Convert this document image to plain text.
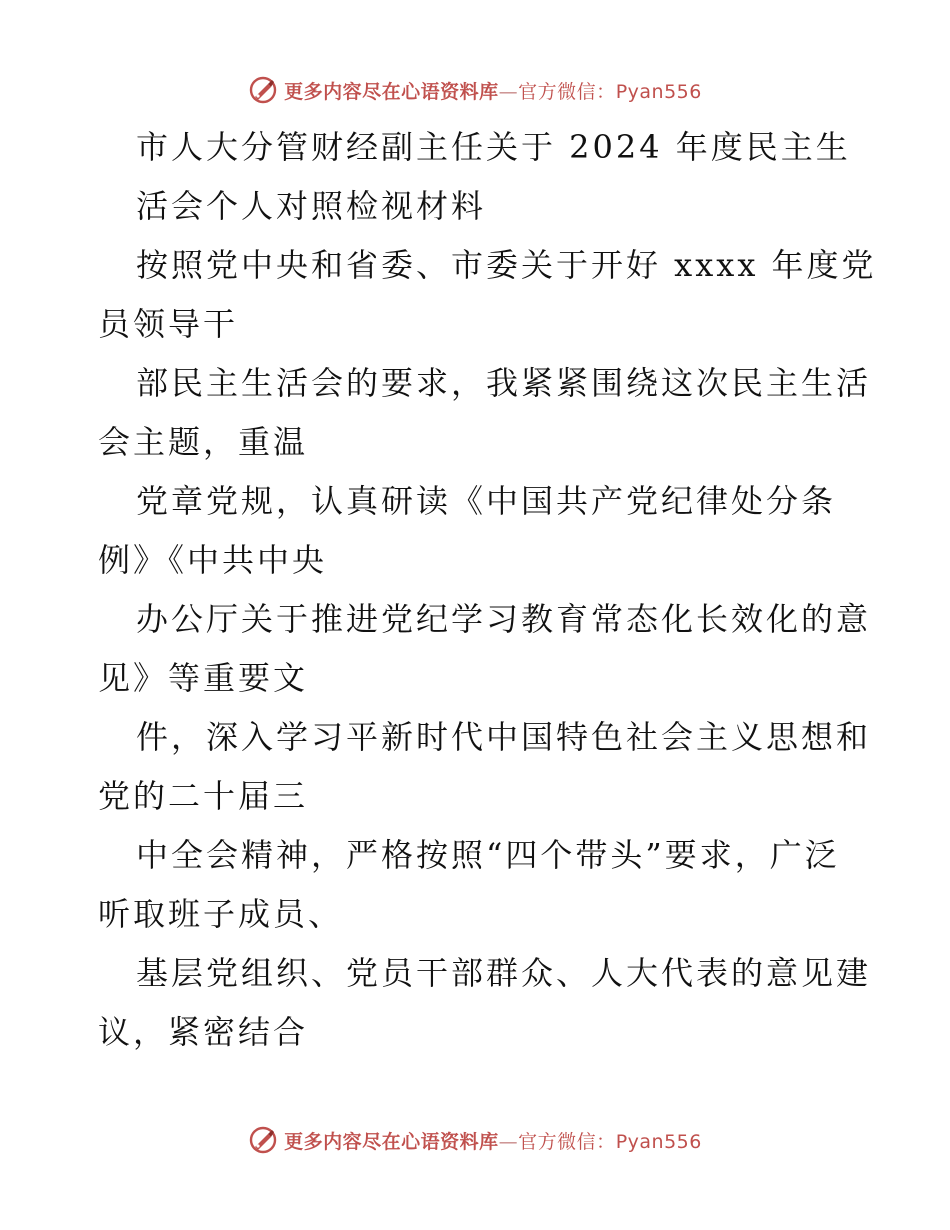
更多内容尽在心语资料库—官方微信：Pyan556
市人大分管财经副主任关于 2024 年度民主生
活会个人对照检视材料
按照党中央和省委、市委关于开好 xxxx 年度党
员领导干
部民主生活会的要求，我紧紧围绕这次民主生活
会主题，重温
党章党规，认真研读《中国共产党纪律处分条
例》《中共中央
办公厅关于推进党纪学习教育常态化长效化的意
见》等重要文
件，深入学习平新时代中国特色社会主义思想和
党的二十届三
中全会精神，严格按照“四个带头”要求，广泛
听取班子成员、
基层党组织、党员干部群众、人大代表的意见建
议，紧密结合
更多内容尽在心语资料库—官方微信：Pyan556
